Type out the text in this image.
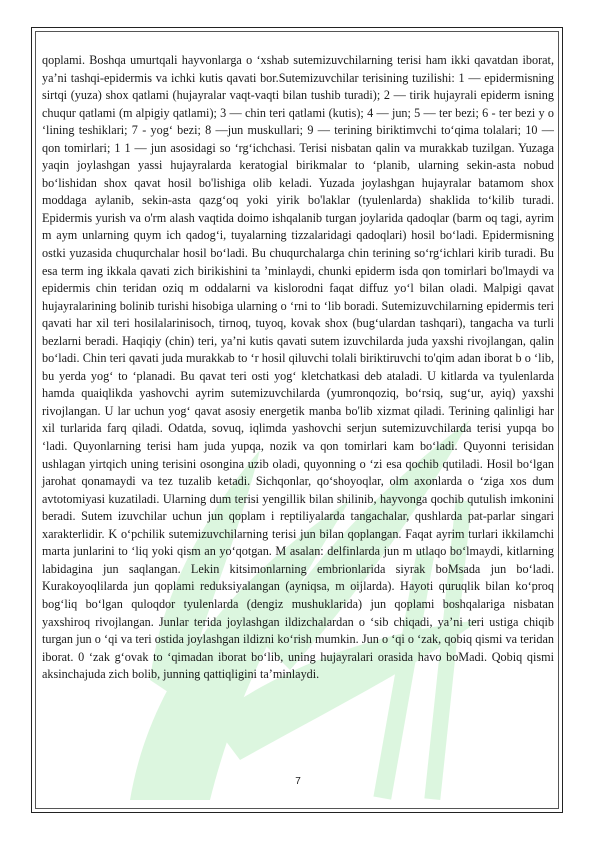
qoplami. Boshqa umurtqali hayvonlarga o ‘xshab sutemizuvchilarning terisi ham ikki qavatdan iborat, ya’ni tashqi-epidermis va ichki kutis qavati bor.Sutemizuvchilar terisining tuzilishi: 1 — epidermisning sirtqi (yuza) shox qatlami (hujayralar vaqt-vaqti bilan tushib turadi); 2 — tirik hujayrali epiderm isning chuqur qatlami (m alpigiy qatlami); 3 — chin teri qatlami (kutis); 4 — jun; 5 — ter bezi; 6 - ter bezi y o ‘lining teshiklari; 7 - yog‘ bezi; 8 —jun muskullari; 9 — terining biriktimvchi to‘qima tolalari; 10 — qon tomirlari; 1 1 — jun asosidagi so ‘rg‘ichchasi. Terisi nisbatan qalin va murakkab tuzilgan. Yuzaga yaqin joylashgan yassi hujayralarda keratogial birikmalar to ‘planib, ularning sekin-asta nobud bo‘lishidan shox qavat hosil bo'lishiga olib keladi. Yuzada joylashgan hujayralar batamom shox moddaga aylanib, sekin-asta qazg‘oq yoki yirik bo'laklar (tyulenlarda) shaklida to‘kilib turadi. Epidermis yurish va o'rm alash vaqtida doimo ishqalanib turgan joylarida qadoqlar (barm oq tagi, ayrim m aym unlarning quym ich qadog‘i, tuyalarning tizzalaridagi qadoqlari) hosil bo‘ladi. Epidermisning ostki yuzasida chuqurchalar hosil bo‘ladi. Bu chuqurchalarga chin terining so‘rg‘ichlari kirib turadi. Bu esa term ing ikkala qavati zich birikishini ta ’minlaydi, chunki epiderm isda qon tomirlari bo'lmaydi va epidermis chin teridan oziq m oddalarni va kislorodni faqat diffuz yo‘l bilan oladi. Malpigi qavat hujayralarining bolinib turishi hisobiga ularning o ‘rni to ‘lib boradi. Sutemizuvchilarning epidermis teri qavati har xil teri hosilalarinisoch, tirnoq, tuyoq, kovak shox (bug‘ulardan tashqari), tangacha va turli bezlarni beradi. Haqiqiy (chin) teri, ya’ni kutis qavati sutem izuvchilarda juda yaxshi rivojlangan, qalin bo‘ladi. Chin teri qavati juda murakkab to ‘r hosil qiluvchi tolali biriktiruvchi to'qim adan iborat b o ‘lib, bu yerda yog‘ to ‘planadi. Bu qavat teri osti yog‘ kletchatkasi deb ataladi. U kitlarda va tyulenlarda hamda quaiqlikda yashovchi ayrim sutemizuvchilarda (yumronqoziq, bo‘rsiq, sug‘ur, ayiq) yaxshi rivojlangan. U lar uchun yog‘ qavat asosiy energetik manba bo'lib xizmat qiladi. Terining qalinligi har xil turlarida farq qiladi. Odatda, sovuq, iqlimda yashovchi serjun sutemizuvchilarda terisi yupqa bo ‘ladi. Quyonlarning terisi ham juda yupqa, nozik va qon tomirlari kam bo‘ladi. Quyonni terisidan ushlagan yirtqich uning terisini osongina uzib oladi, quyonning o ‘zi esa qochib qutiladi. Hosil bo‘lgan jarohat qonamaydi va tez tuzalib ketadi. Sichqonlar, qo‘shoyoqlar, olm axonlarda o ‘ziga xos dum avtotomiyasi kuzatiladi. Ularning dum terisi yengillik bilan shilinib, hayvonga qochib qutulish imkonini beradi. Sutem izuvchilar uchun jun qoplam i reptiliyalarda tangachalar, qushlarda pat-parlar singari xarakterlidir. K o‘pchilik sutemizuvchilarning terisi jun bilan qoplangan. Faqat ayrim turlari ikkilamchi marta junlarini to ‘liq yoki qism an yo‘qotgan. M asalan: delfinlarda jun m utlaqo bo‘lmaydi, kitlarning labidagina jun saqlangan. Lekin kitsimonlarning embrionlarida siyrak boMsada jun bo‘ladi. Kurakoyoqlilarda jun qoplami reduksiyalangan (ayniqsa, m oijlarda). Hayoti quruqlik bilan ko‘proq bog‘liq bo‘lgan quloqdor tyulenlarda (dengiz mushuklarida) jun qoplami boshqalariga nisbatan yaxshiroq rivojlangan. Junlar terida joylashgan ildizchalardan o ‘sib chiqadi, ya’ni teri ustiga chiqib turgan jun o ‘qi va teri ostida joylashgan ildizni ko‘rish mumkin. Jun o ‘qi o ‘zak, qobiq qismi va teridan iborat. 0 ‘zak g‘ovak to ‘qimadan iborat bo‘lib, uning hujayralari orasida havo boMadi. Qobiq qismi aksinchajuda zich bolib, junning qattiqligini ta’minlaydi.

7
